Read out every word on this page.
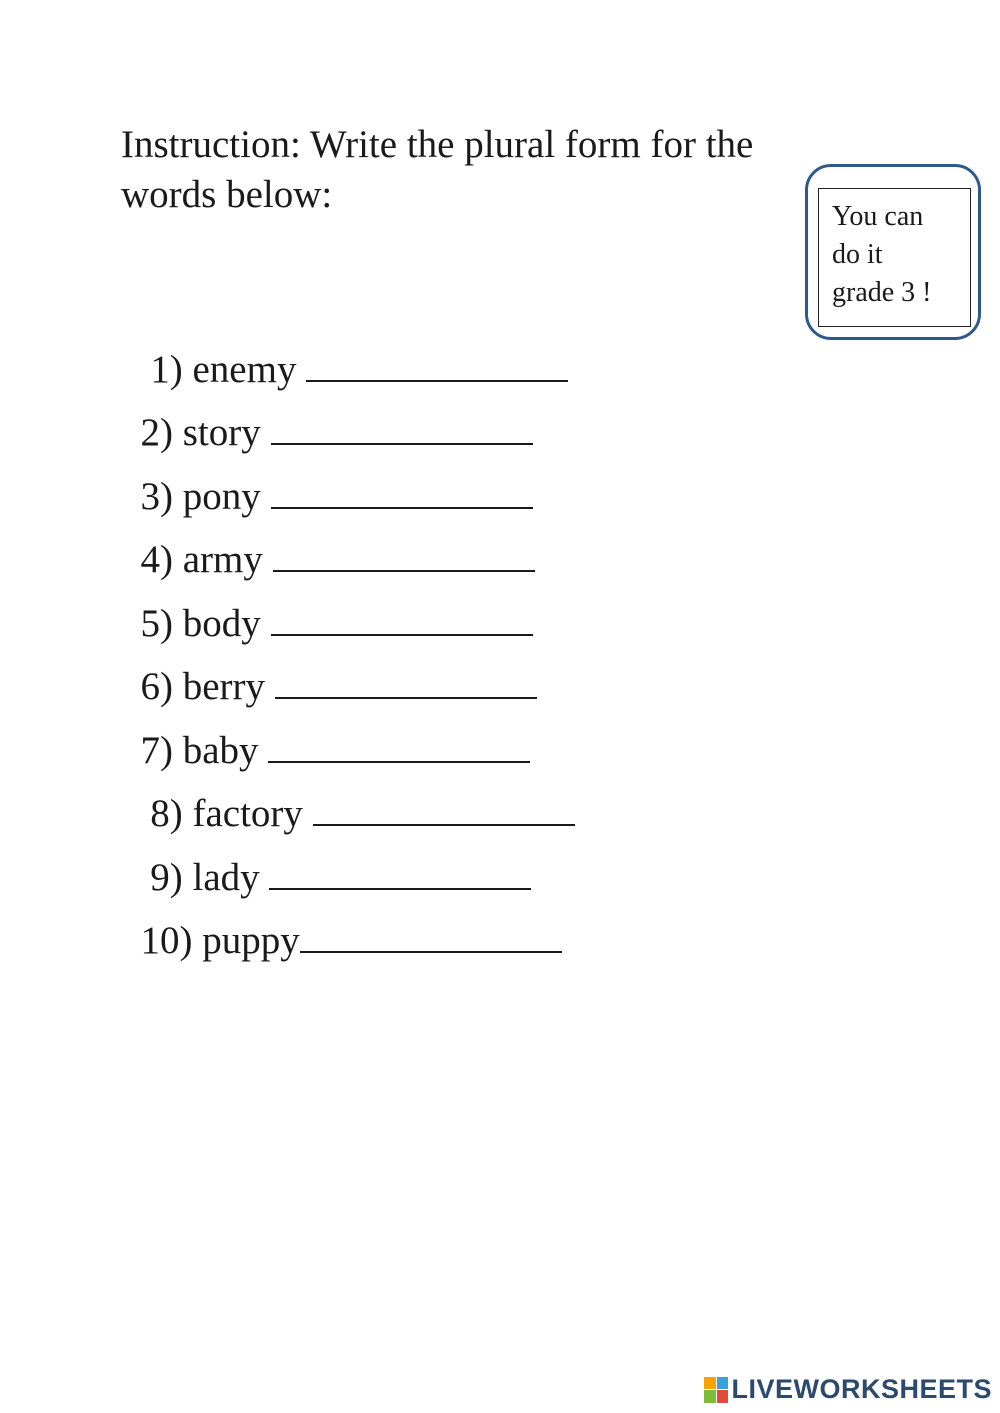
Instruction: Write the plural form for the words below:
You can
do it
grade 3 !

1) enemy

2) story

3) pony

4) army

5) body

6) berry

7) baby

8) factory

9) lady

10) puppy

LIVEWORKSHEETS
